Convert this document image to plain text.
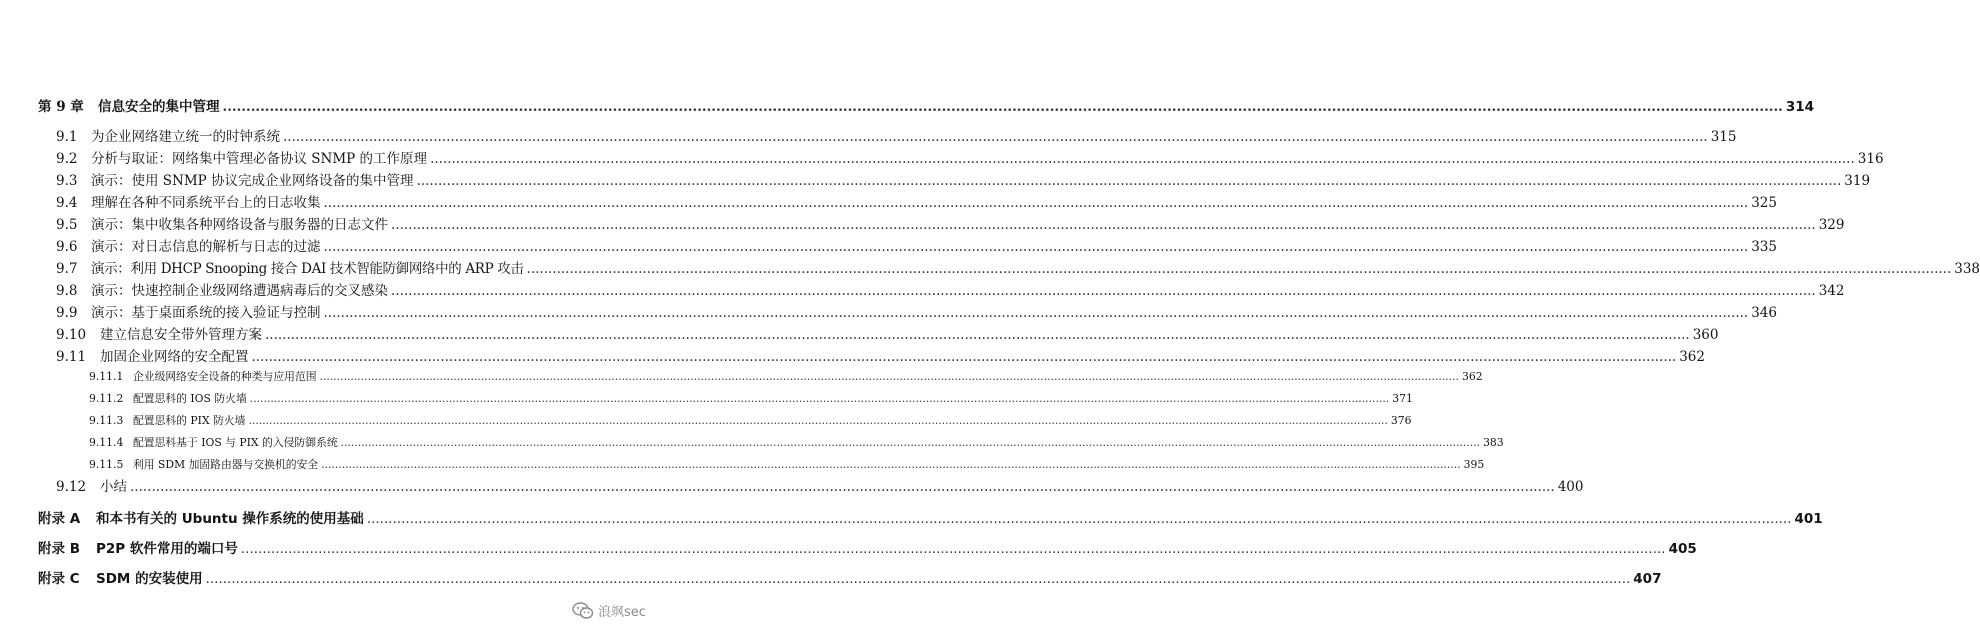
第 9 章	信息安全的集中管理 ............................................................................................................................................................................................................................................................................................................................................ 314
9.1	为企业网络建立统一的时钟系统 ............................................................................................................................................................................................................................................................................................................................................ 315
9.2	分析与取证：网络集中管理必备协议 SNMP 的工作原理 ............................................................................................................................................................................................................................................................................................................................................ 316
9.3	演示：使用 SNMP 协议完成企业网络设备的集中管理 ............................................................................................................................................................................................................................................................................................................................................ 319
9.4	理解在各种不同系统平台上的日志收集 ............................................................................................................................................................................................................................................................................................................................................ 325
9.5	演示：集中收集各种网络设备与服务器的日志文件 ............................................................................................................................................................................................................................................................................................................................................ 329
9.6	演示：对日志信息的解析与日志的过滤 ............................................................................................................................................................................................................................................................................................................................................ 335
9.7	演示：利用 DHCP Snooping 接合 DAI 技术智能防御网络中的 ARP 攻击 ............................................................................................................................................................................................................................................................................................................................................ 338
9.8	演示：快速控制企业级网络遭遇病毒后的交叉感染 ............................................................................................................................................................................................................................................................................................................................................ 342
9.9	演示：基于桌面系统的接入验证与控制 ............................................................................................................................................................................................................................................................................................................................................ 346
9.10	建立信息安全带外管理方案 ............................................................................................................................................................................................................................................................................................................................................ 360
9.11	加固企业网络的安全配置 ............................................................................................................................................................................................................................................................................................................................................ 362
9.11.1 企业级网络安全设备的种类与应用范围 ............................................................................................................................................................................................................................................................................................................................................ 362
9.11.2 配置思科的 IOS 防火墙 ............................................................................................................................................................................................................................................................................................................................................ 371
9.11.3 配置思科的 PIX 防火墙 ............................................................................................................................................................................................................................................................................................................................................ 376
9.11.4 配置思科基于 IOS 与 PIX 的入侵防御系统 ............................................................................................................................................................................................................................................................................................................................................ 383
9.11.5 利用 SDM 加固路由器与交换机的安全 ............................................................................................................................................................................................................................................................................................................................................ 395
9.12	小结 ............................................................................................................................................................................................................................................................................................................................................ 400
附录 A	和本书有关的 Ubuntu 操作系统的使用基础 ............................................................................................................................................................................................................................................................................................................................................ 401
附录 B	P2P 软件常用的端口号 ............................................................................................................................................................................................................................................................................................................................................ 405
附录 C	SDM 的安装使用 ............................................................................................................................................................................................................................................................................................................................................ 407
浪飒sec
